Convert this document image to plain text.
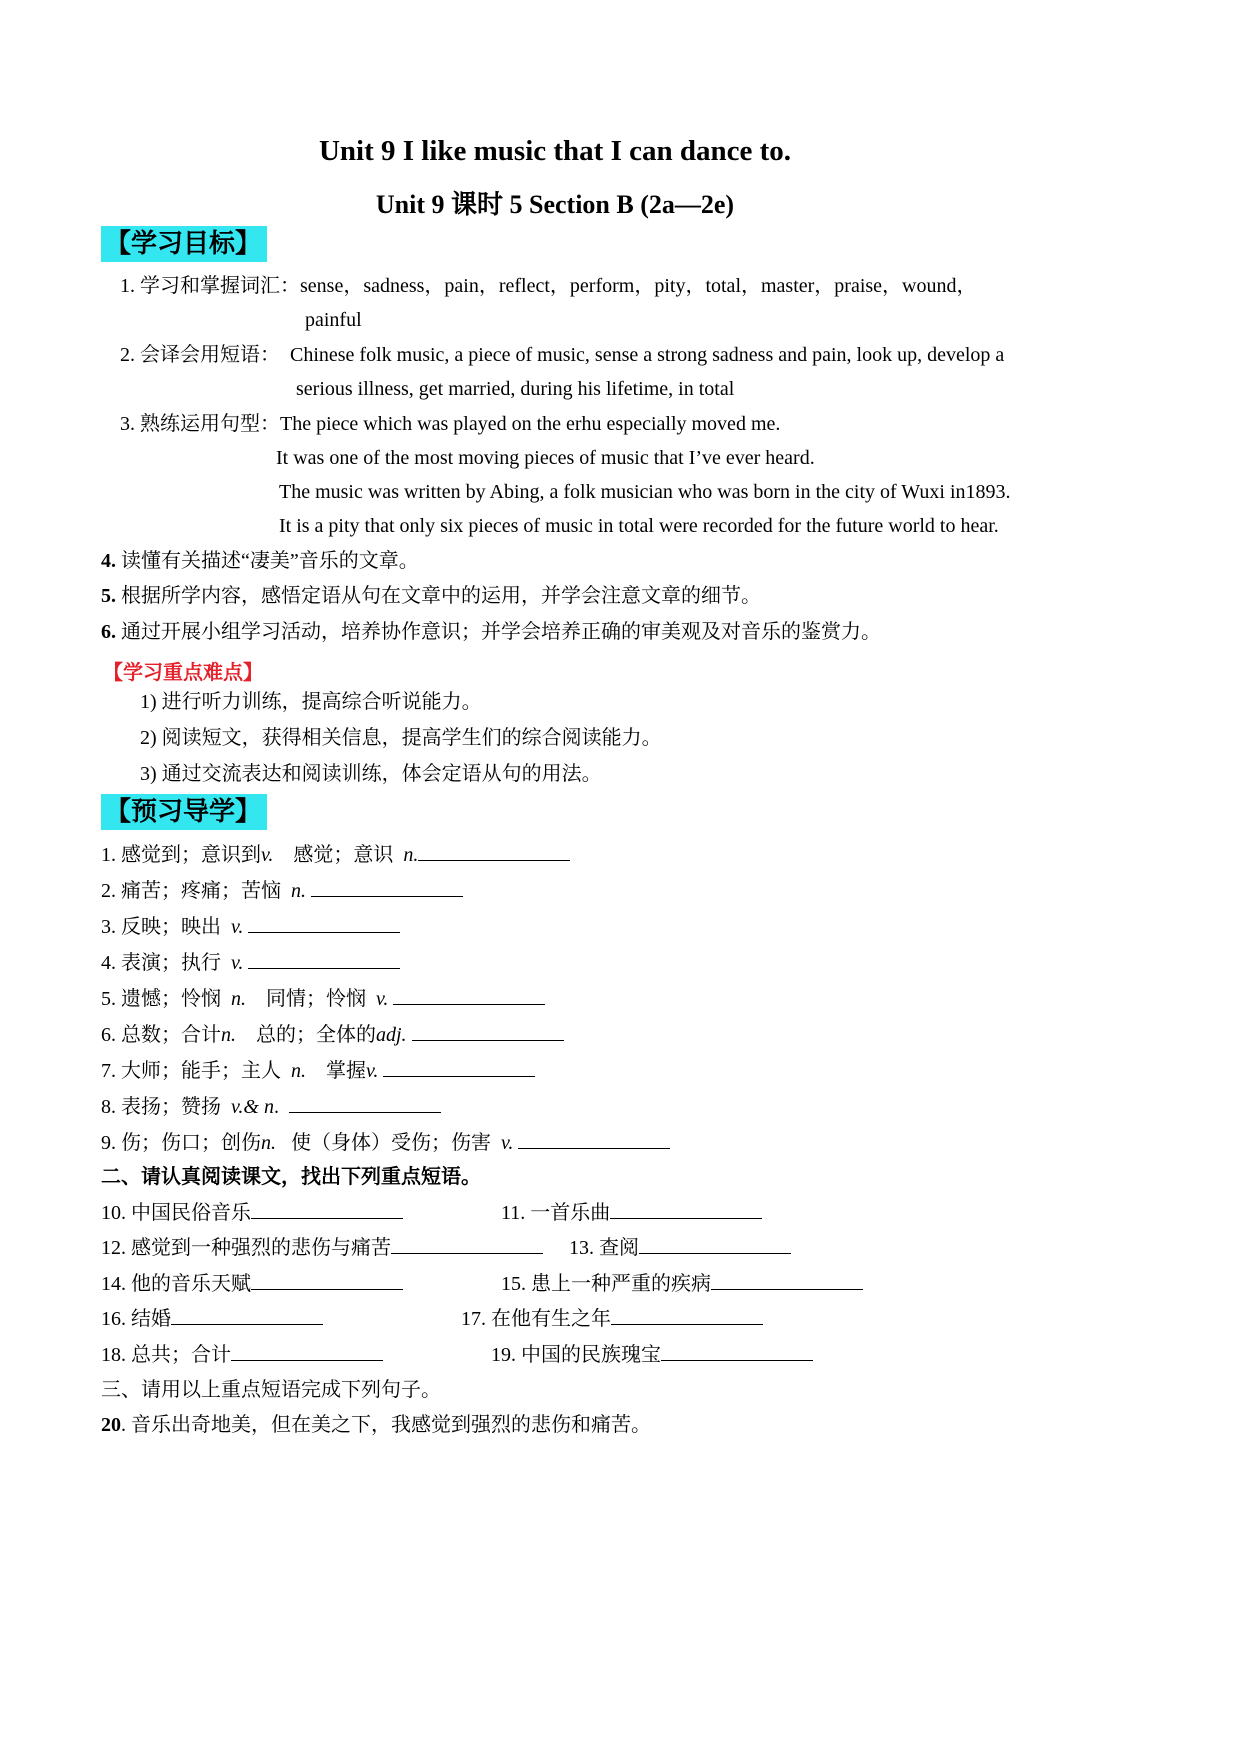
Unit 9 I like music that I can dance to.
Unit 9 课时 5 Section B (2a—2e)
【学习目标】
1. 学习和掌握词汇：sense，sadness，pain，reflect，perform，pity，total，master，praise，wound，
painful
2. 会译会用短语： Chinese folk music, a piece of music, sense a strong sadness and pain, look up, develop a
serious illness, get married, during his lifetime, in total
3. 熟练运用句型：The piece which was played on the erhu especially moved me.
It was one of the most moving pieces of music that I’ve ever heard.
The music was written by Abing, a folk musician who was born in the city of Wuxi in1893.
It is a pity that only six pieces of music in total were recorded for the future world to hear.
4. 读懂有关描述“凄美”音乐的文章。
5. 根据所学内容，感悟定语从句在文章中的运用，并学会注意文章的细节。
6. 通过开展小组学习活动，培养协作意识；并学会培养正确的审美观及对音乐的鉴赏力。
【学习重点难点】
1) 进行听力训练，提高综合听说能力。
2) 阅读短文，获得相关信息，提高学生们的综合阅读能力。
3) 通过交流表达和阅读训练，体会定语从句的用法。
【预习导学】
1. 感觉到；意识到v. 感觉；意识 n.
2. 痛苦；疼痛；苦恼 n.
3. 反映；映出 v.
4. 表演；执行 v.
5. 遗憾；怜悯 n. 同情；怜悯 v.
6. 总数；合计n. 总的；全体的adj.
7. 大师；能手；主人 n. 掌握v.
8. 表扬；赞扬 v.& n.
9. 伤；伤口；创伤n. 使（身体）受伤；伤害 v.
二、请认真阅读课文，找出下列重点短语。
10. 中国民俗音乐	11. 一首乐曲
12. 感觉到一种强烈的悲伤与痛苦	13. 查阅
14. 他的音乐天赋	15. 患上一种严重的疾病
16. 结婚	17. 在他有生之年
18. 总共；合计	19. 中国的民族瑰宝
三、请用以上重点短语完成下列句子。
20. 音乐出奇地美，但在美之下，我感觉到强烈的悲伤和痛苦。
